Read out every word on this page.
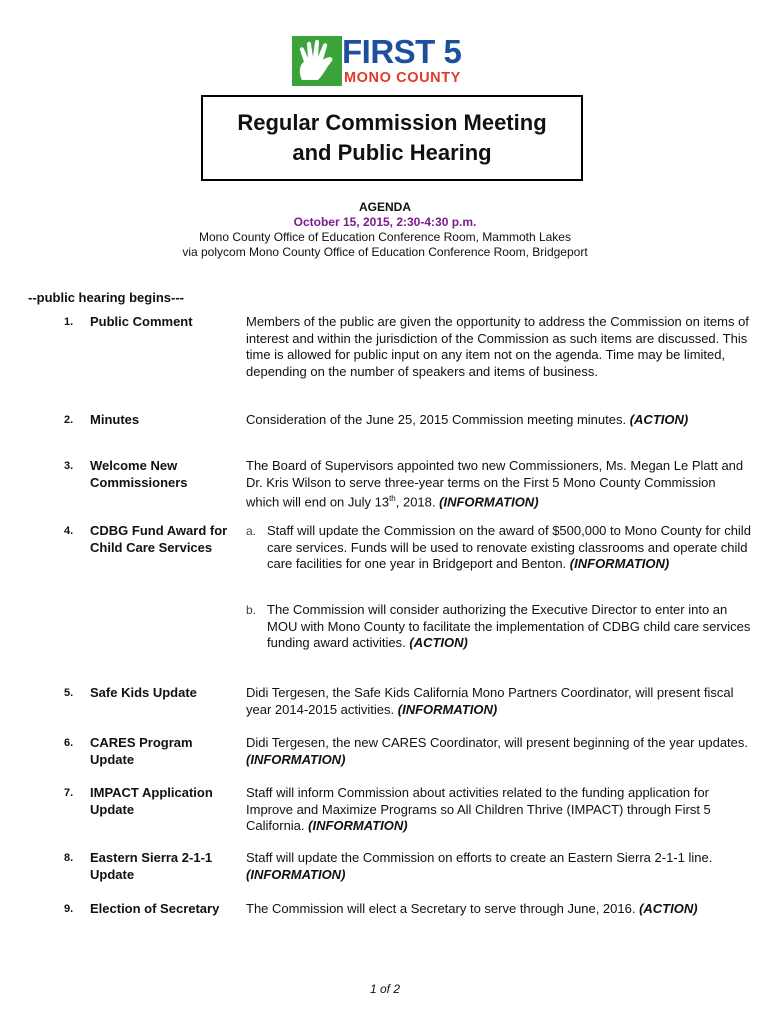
FIRST 5
MONO COUNTY
Regular Commission Meeting
and Public Hearing
AGENDA
October 15, 2015, 2:30-4:30 p.m.
Mono County Office of Education Conference Room, Mammoth Lakes
via polycom Mono County Office of Education Conference Room, Bridgeport
--public hearing begins---
1. Public Comment	Members of the public are given the opportunity to address the Commission on items of interest and within the jurisdiction of the Commission as such items are discussed. This time is allowed for public input on any item not on the agenda. Time may be limited, depending on the number of speakers and items of business.
2. Minutes	Consideration of the June 25, 2015 Commission meeting minutes. (ACTION)
3. Welcome New Commissioners
The Board of Supervisors appointed two new Commissioners, Ms. Megan Le Platt and Dr. Kris Wilson to serve three-year terms on the First 5 Mono County Commission which will end on July 13th, 2018. (INFORMATION)
4. CDBG Fund Award for Child Care Services
a. Staff will update the Commission on the award of $500,000 to Mono County for child care services. Funds will be used to renovate existing classrooms and operate child care facilities for one year in Bridgeport and Benton. (INFORMATION)
b. The Commission will consider authorizing the Executive Director to enter into an MOU with Mono County to facilitate the implementation of CDBG child care services funding award activities. (ACTION)
5. Safe Kids Update	Didi Tergesen, the Safe Kids California Mono Partners Coordinator, will present fiscal year 2014-2015 activities. (INFORMATION)
6. CARES Program Update
Didi Tergesen, the new CARES Coordinator, will present beginning of the year updates. (INFORMATION)
7. IMPACT Application Update
Staff will inform Commission about activities related to the funding application for Improve and Maximize Programs so All Children Thrive (IMPACT) through First 5 California. (INFORMATION)
8. Eastern Sierra 2-1-1 Update
Staff will update the Commission on efforts to create an Eastern Sierra 2-1-1 line. (INFORMATION)
9. Election of Secretary	The Commission will elect a Secretary to serve through June, 2016. (ACTION)
1 of 2
